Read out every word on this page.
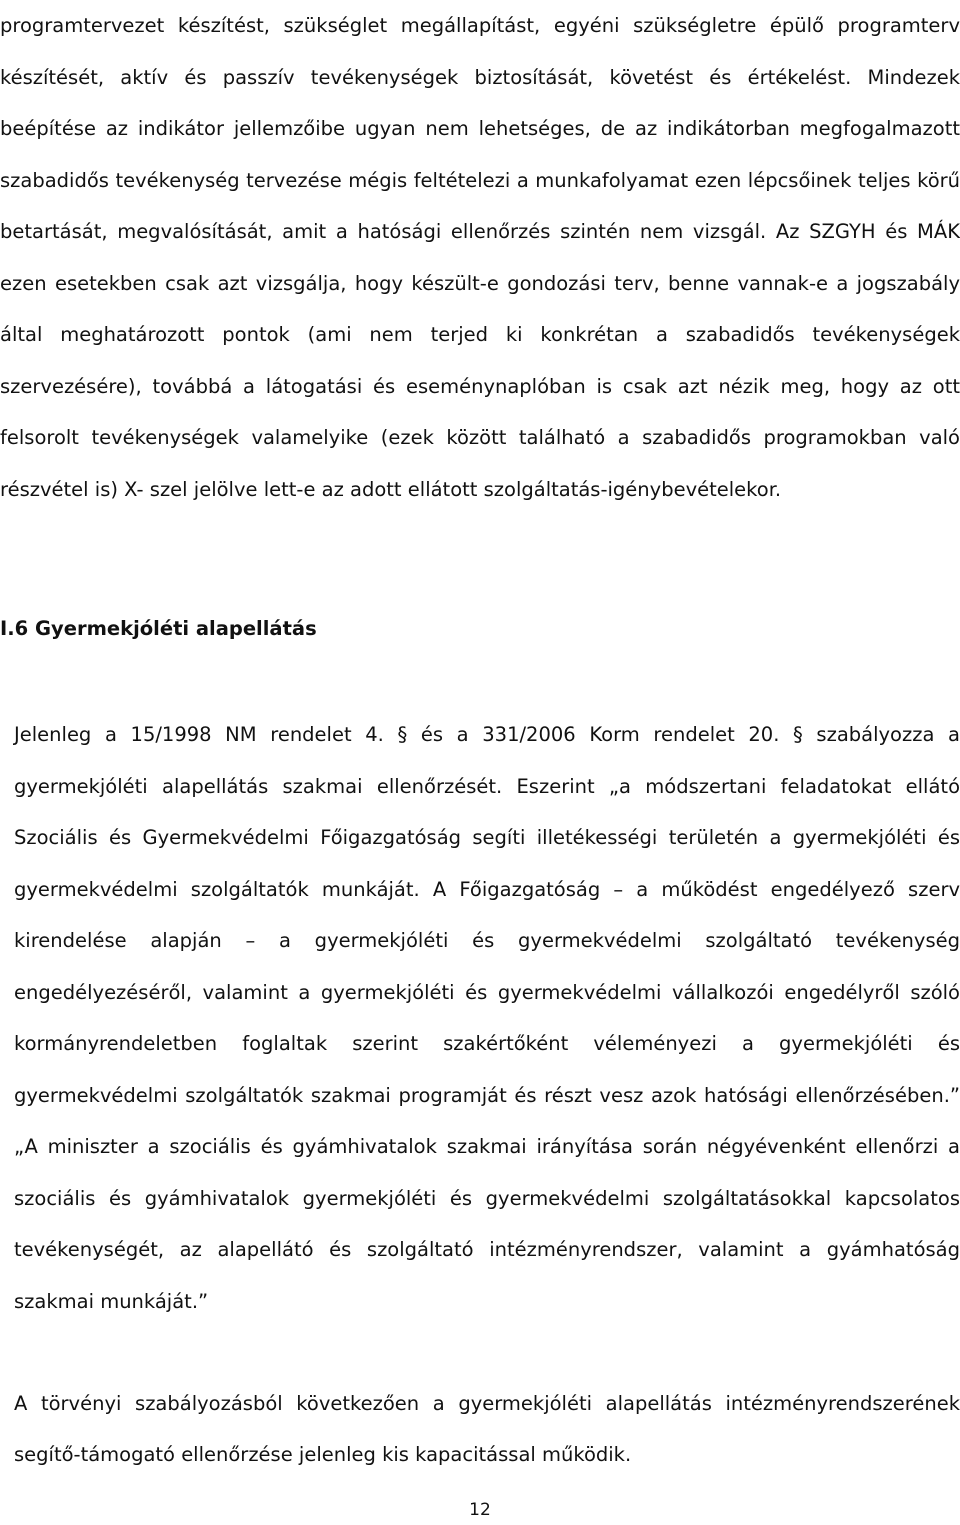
programtervezet készítést, szükséglet megállapítást, egyéni szükségletre épülő programterv készítését, aktív és passzív tevékenységek biztosítását, követést és értékelést. Mindezek beépítése az indikátor jellemzőibe ugyan nem lehetséges, de az indikátorban megfogalmazott szabadidős tevékenység tervezése mégis feltételezi a munkafolyamat ezen lépcsőinek teljes körű betartását, megvalósítását, amit a hatósági ellenőrzés szintén nem vizsgál. Az SZGYH és MÁK ezen esetekben csak azt vizsgálja, hogy készült-e gondozási terv, benne vannak-e a jogszabály által meghatározott pontok (ami nem terjed ki konkrétan a szabadidős tevékenységek szervezésére), továbbá a látogatási és eseménynaplóban is csak azt nézik meg, hogy az ott felsorolt tevékenységek valamelyike (ezek között található a szabadidős programokban való részvétel is) X- szel jelölve lett-e az adott ellátott szolgáltatás-igénybevételekor.

I.6 Gyermekjóléti alapellátás

Jelenleg a 15/1998 NM rendelet 4. § és a 331/2006 Korm rendelet 20. § szabályozza a gyermekjóléti alapellátás szakmai ellenőrzését. Eszerint „a módszertani feladatokat ellátó Szociális és Gyermekvédelmi Főigazgatóság segíti illetékességi területén a gyermekjóléti és gyermekvédelmi szolgáltatók munkáját. A Főigazgatóság – a működést engedélyező szerv kirendelése alapján – a gyermekjóléti és gyermekvédelmi szolgáltató tevékenység engedélyezéséről, valamint a gyermekjóléti és gyermekvédelmi vállalkozói engedélyről szóló kormányrendeletben foglaltak szerint szakértőként véleményezi a gyermekjóléti és gyermekvédelmi szolgáltatók szakmai programját és részt vesz azok hatósági ellenőrzésében.” „A miniszter a szociális és gyámhivatalok szakmai irányítása során négyévenként ellenőrzi a szociális és gyámhivatalok gyermekjóléti és gyermekvédelmi szolgáltatásokkal kapcsolatos tevékenységét, az alapellátó és szolgáltató intézményrendszer, valamint a gyámhatóság szakmai munkáját.”

A törvényi szabályozásból következően a gyermekjóléti alapellátás intézményrendszerének segítő-támogató ellenőrzése jelenleg kis kapacitással működik.

12
